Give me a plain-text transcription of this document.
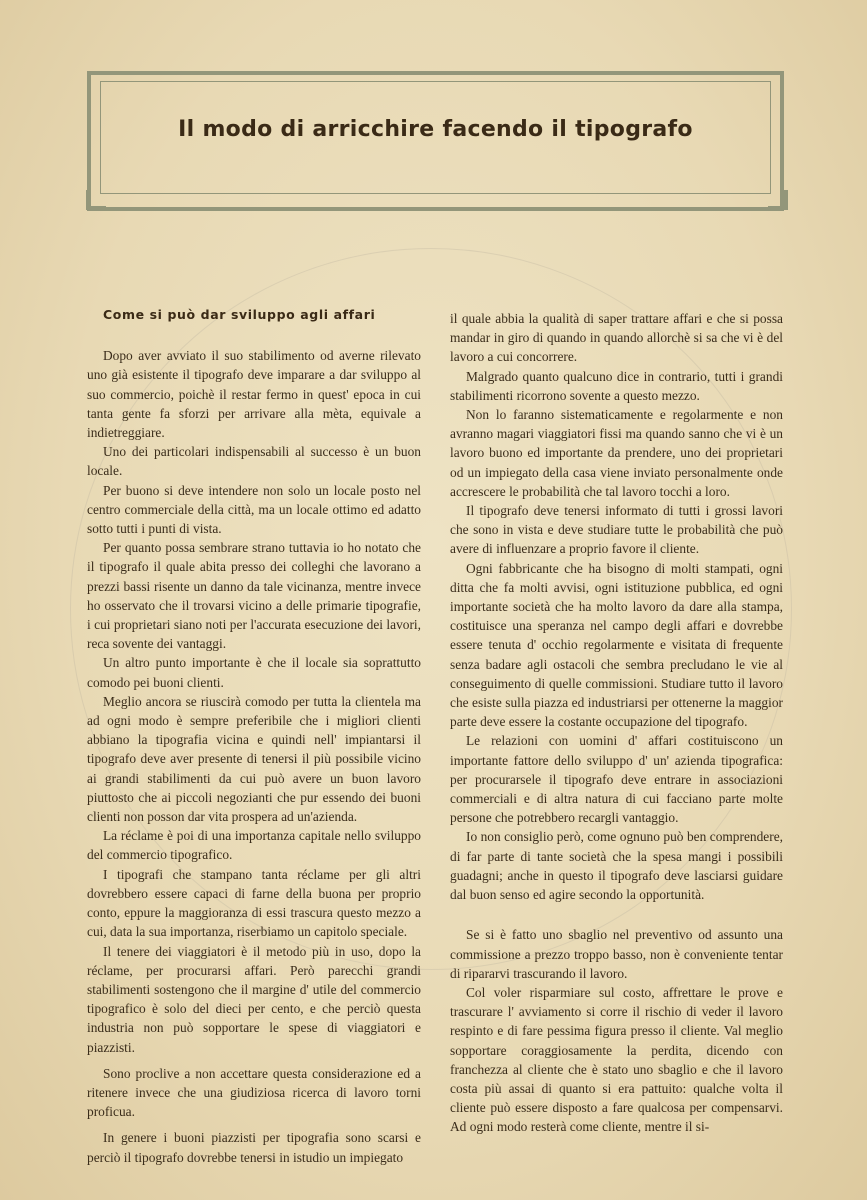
Il modo di arricchire facendo il tipografo
Come si può dar sviluppo agli affari

Dopo aver avviato il suo stabilimento od averne rilevato uno già esistente il tipografo deve imparare a dar sviluppo al suo commercio, poichè il restar fermo in quest' epoca in cui tanta gente fa sforzi per arrivare alla mèta, equivale a indietreggiare.

Uno dei particolari indispensabili al successo è un buon locale.

Per buono si deve intendere non solo un locale posto nel centro commerciale della città, ma un locale ottimo ed adatto sotto tutti i punti di vista.

Per quanto possa sembrare strano tuttavia io ho notato che il tipografo il quale abita presso dei colleghi che lavorano a prezzi bassi risente un danno da tale vicinanza, mentre invece ho osservato che il trovarsi vicino a delle primarie tipografie, i cui proprietari siano noti per l'accurata esecuzione dei lavori, reca sovente dei vantaggi.

Un altro punto importante è che il locale sia soprattutto comodo pei buoni clienti.

Meglio ancora se riuscirà comodo per tutta la clientela ma ad ogni modo è sempre preferibile che i migliori clienti abbiano la tipografia vicina e quindi nell' impiantarsi il tipografo deve aver presente di tenersi il più possibile vicino ai grandi stabilimenti da cui può avere un buon lavoro piuttosto che ai piccoli negozianti che pur essendo dei buoni clienti non posson dar vita prospera ad un'azienda.

La réclame è poi di una importanza capitale nello sviluppo del commercio tipografico.

I tipografi che stampano tanta réclame per gli altri dovrebbero essere capaci di farne della buona per proprio conto, eppure la maggioranza di essi trascura questo mezzo a cui, data la sua importanza, riserbiamo un capitolo speciale.

Il tenere dei viaggiatori è il metodo più in uso, dopo la réclame, per procurarsi affari. Però parecchi grandi stabilimenti sostengono che il margine d' utile del commercio tipografico è solo del dieci per cento, e che perciò questa industria non può sopportare le spese di viaggiatori e piazzisti.

Sono proclive a non accettare questa considerazione ed a ritenere invece che una giudiziosa ricerca di lavoro torni proficua.

In genere i buoni piazzisti per tipografia sono scarsi e perciò il tipografo dovrebbe tenersi in istudio un impiegato

il quale abbia la qualità di saper trattare affari e che si possa mandar in giro di quando in quando allorchè si sa che vi è del lavoro a cui concorrere.

Malgrado quanto qualcuno dice in contrario, tutti i grandi stabilimenti ricorrono sovente a questo mezzo.

Non lo faranno sistematicamente e regolarmente e non avranno magari viaggiatori fissi ma quando sanno che vi è un lavoro buono ed importante da prendere, uno dei proprietari od un impiegato della casa viene inviato personalmente onde accrescere le probabilità che tal lavoro tocchi a loro.

Il tipografo deve tenersi informato di tutti i grossi lavori che sono in vista e deve studiare tutte le probabilità che può avere di influenzare a proprio favore il cliente.

Ogni fabbricante che ha bisogno di molti stampati, ogni ditta che fa molti avvisi, ogni istituzione pubblica, ed ogni importante società che ha molto lavoro da dare alla stampa, costituisce una speranza nel campo degli affari e dovrebbe essere tenuta d' occhio regolarmente e visitata di frequente senza badare agli ostacoli che sembra precludano le vie al conseguimento di quelle commissioni. Studiare tutto il lavoro che esiste sulla piazza ed industriarsi per ottenerne la maggior parte deve essere la costante occupazione del tipografo.

Le relazioni con uomini d' affari costituiscono un importante fattore dello sviluppo d' un' azienda tipografica: per procurarsele il tipografo deve entrare in associazioni commerciali e di altra natura di cui facciano parte molte persone che potrebbero recargli vantaggio.

Io non consiglio però, come ognuno può ben comprendere, di far parte di tante società che la spesa mangi i possibili guadagni; anche in questo il tipografo deve lasciarsi guidare dal buon senso ed agire secondo la opportunità.

Se si è fatto uno sbaglio nel preventivo od assunto una commissione a prezzo troppo basso, non è conveniente tentar di ripararvi trascurando il lavoro.

Col voler risparmiare sul costo, affrettare le prove e trascurare l' avviamento si corre il rischio di veder il lavoro respinto e di fare pessima figura presso il cliente. Val meglio sopportare coraggiosamente la perdita, dicendo con franchezza al cliente che è stato uno sbaglio e che il lavoro costa più assai di quanto si era pattuito: qualche volta il cliente può essere disposto a fare qualcosa per compensarvi. Ad ogni modo resterà come cliente, mentre il si-
